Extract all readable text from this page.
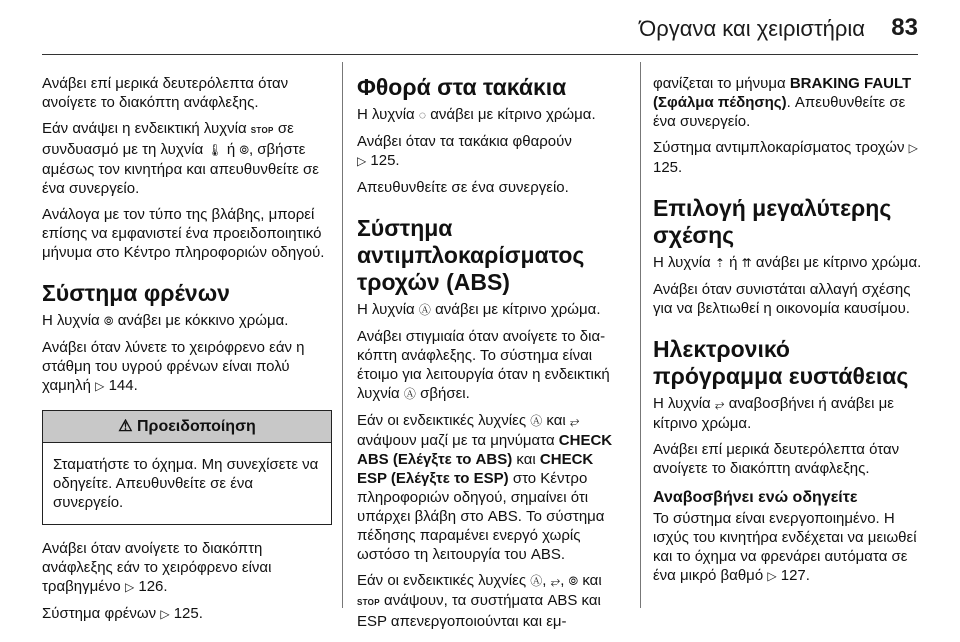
Όργανα και χειριστήρια 83

Ανάβει επί μερικά δευτερόλεπτα όταν ανοίγετε το διακόπτη ανάφλεξης.

Εάν ανάψει η ενδεικτική λυχνία STOP σε συνδυασμό με τη λυχνία 🌡 ή ⦾, σβήστε αμέσως τον κινητήρα και απευθυνθείτε σε ένα συνεργείο.

Ανάλογα με τον τύπο της βλάβης, μπορεί επίσης να εμφανιστεί ένα προειδοποιητικό μήνυμα στο Κέντρο πληροφοριών οδηγού.

Σύστημα φρένων

Η λυχνία ⦾ ανάβει με κόκκινο χρώμα.

Ανάβει όταν λύνετε το χειρόφρενο εάν η στάθμη του υγρού φρένων είναι πολύ χαμηλή ▷ 144.

⚠ Προειδοποίηση
Σταματήστε το όχημα. Μη συνεχίσετε να οδηγείτε. Απευθυνθείτε σε ένα συνεργείο.

Ανάβει όταν ανοίγετε το διακόπτη ανάφλεξης εάν το χειρόφρενο είναι τραβηγμένο ▷ 126.

Σύστημα φρένων ▷ 125.

Φθορά στα τακάκια

Η λυχνία ◌ ανάβει με κίτρινο χρώμα.

Ανάβει όταν τα τακάκια φθαρούν
▷ 125.

Απευθυνθείτε σε ένα συνεργείο.

Σύστημα αντιμπλοκαρίσματος τροχών (ABS)

Η λυχνία Ⓐ ανάβει με κίτρινο χρώμα.

Ανάβει στιγμιαία όταν ανοίγετε το διακόπτη ανάφλεξης. Το σύστημα είναι έτοιμο για λειτουργία όταν η ενδεικτική λυχνία Ⓐ σβήσει.

Εάν οι ενδεικτικές λυχνίες Ⓐ και ⥂ ανάψουν μαζί με τα μηνύματα CHECK ABS (Ελέγξτε το ABS) και CHECK ESP (Ελέγξτε το ESP) στο Κέντρο πληροφοριών οδηγού, σημαίνει ότι υπάρχει βλάβη στο ABS. Το σύστημα πέδησης παραμένει ενεργό χωρίς ωστόσο τη λειτουργία του ABS.

Εάν οι ενδεικτικές λυχνίες Ⓐ, ⥂, ⦾ και STOP ανάψουν, τα συστήματα ABS και ESP απενεργοποιούνται και εμ-

φανίζεται το μήνυμα BRAKING FAULT (Σφάλμα πέδησης). Απευθυνθείτε σε ένα συνεργείο.

Σύστημα αντιμπλοκαρίσματος τροχών ▷ 125.

Επιλογή μεγαλύτερης σχέσης

Η λυχνία ⇡ ή ⇈ ανάβει με κίτρινο χρώμα.

Ανάβει όταν συνιστάται αλλαγή σχέσης για να βελτιωθεί η οικονομία καυσίμου.

Ηλεκτρονικό πρόγραμμα ευστάθειας

Η λυχνία ⥂ αναβοσβήνει ή ανάβει με κίτρινο χρώμα.

Ανάβει επί μερικά δευτερόλεπτα όταν ανοίγετε το διακόπτη ανάφλεξης.

Αναβοσβήνει ενώ οδηγείτε

Το σύστημα είναι ενεργοποιημένο. Η ισχύς του κινητήρα ενδέχεται να μειωθεί και το όχημα να φρενάρει αυτόματα σε ένα μικρό βαθμό ▷ 127.
